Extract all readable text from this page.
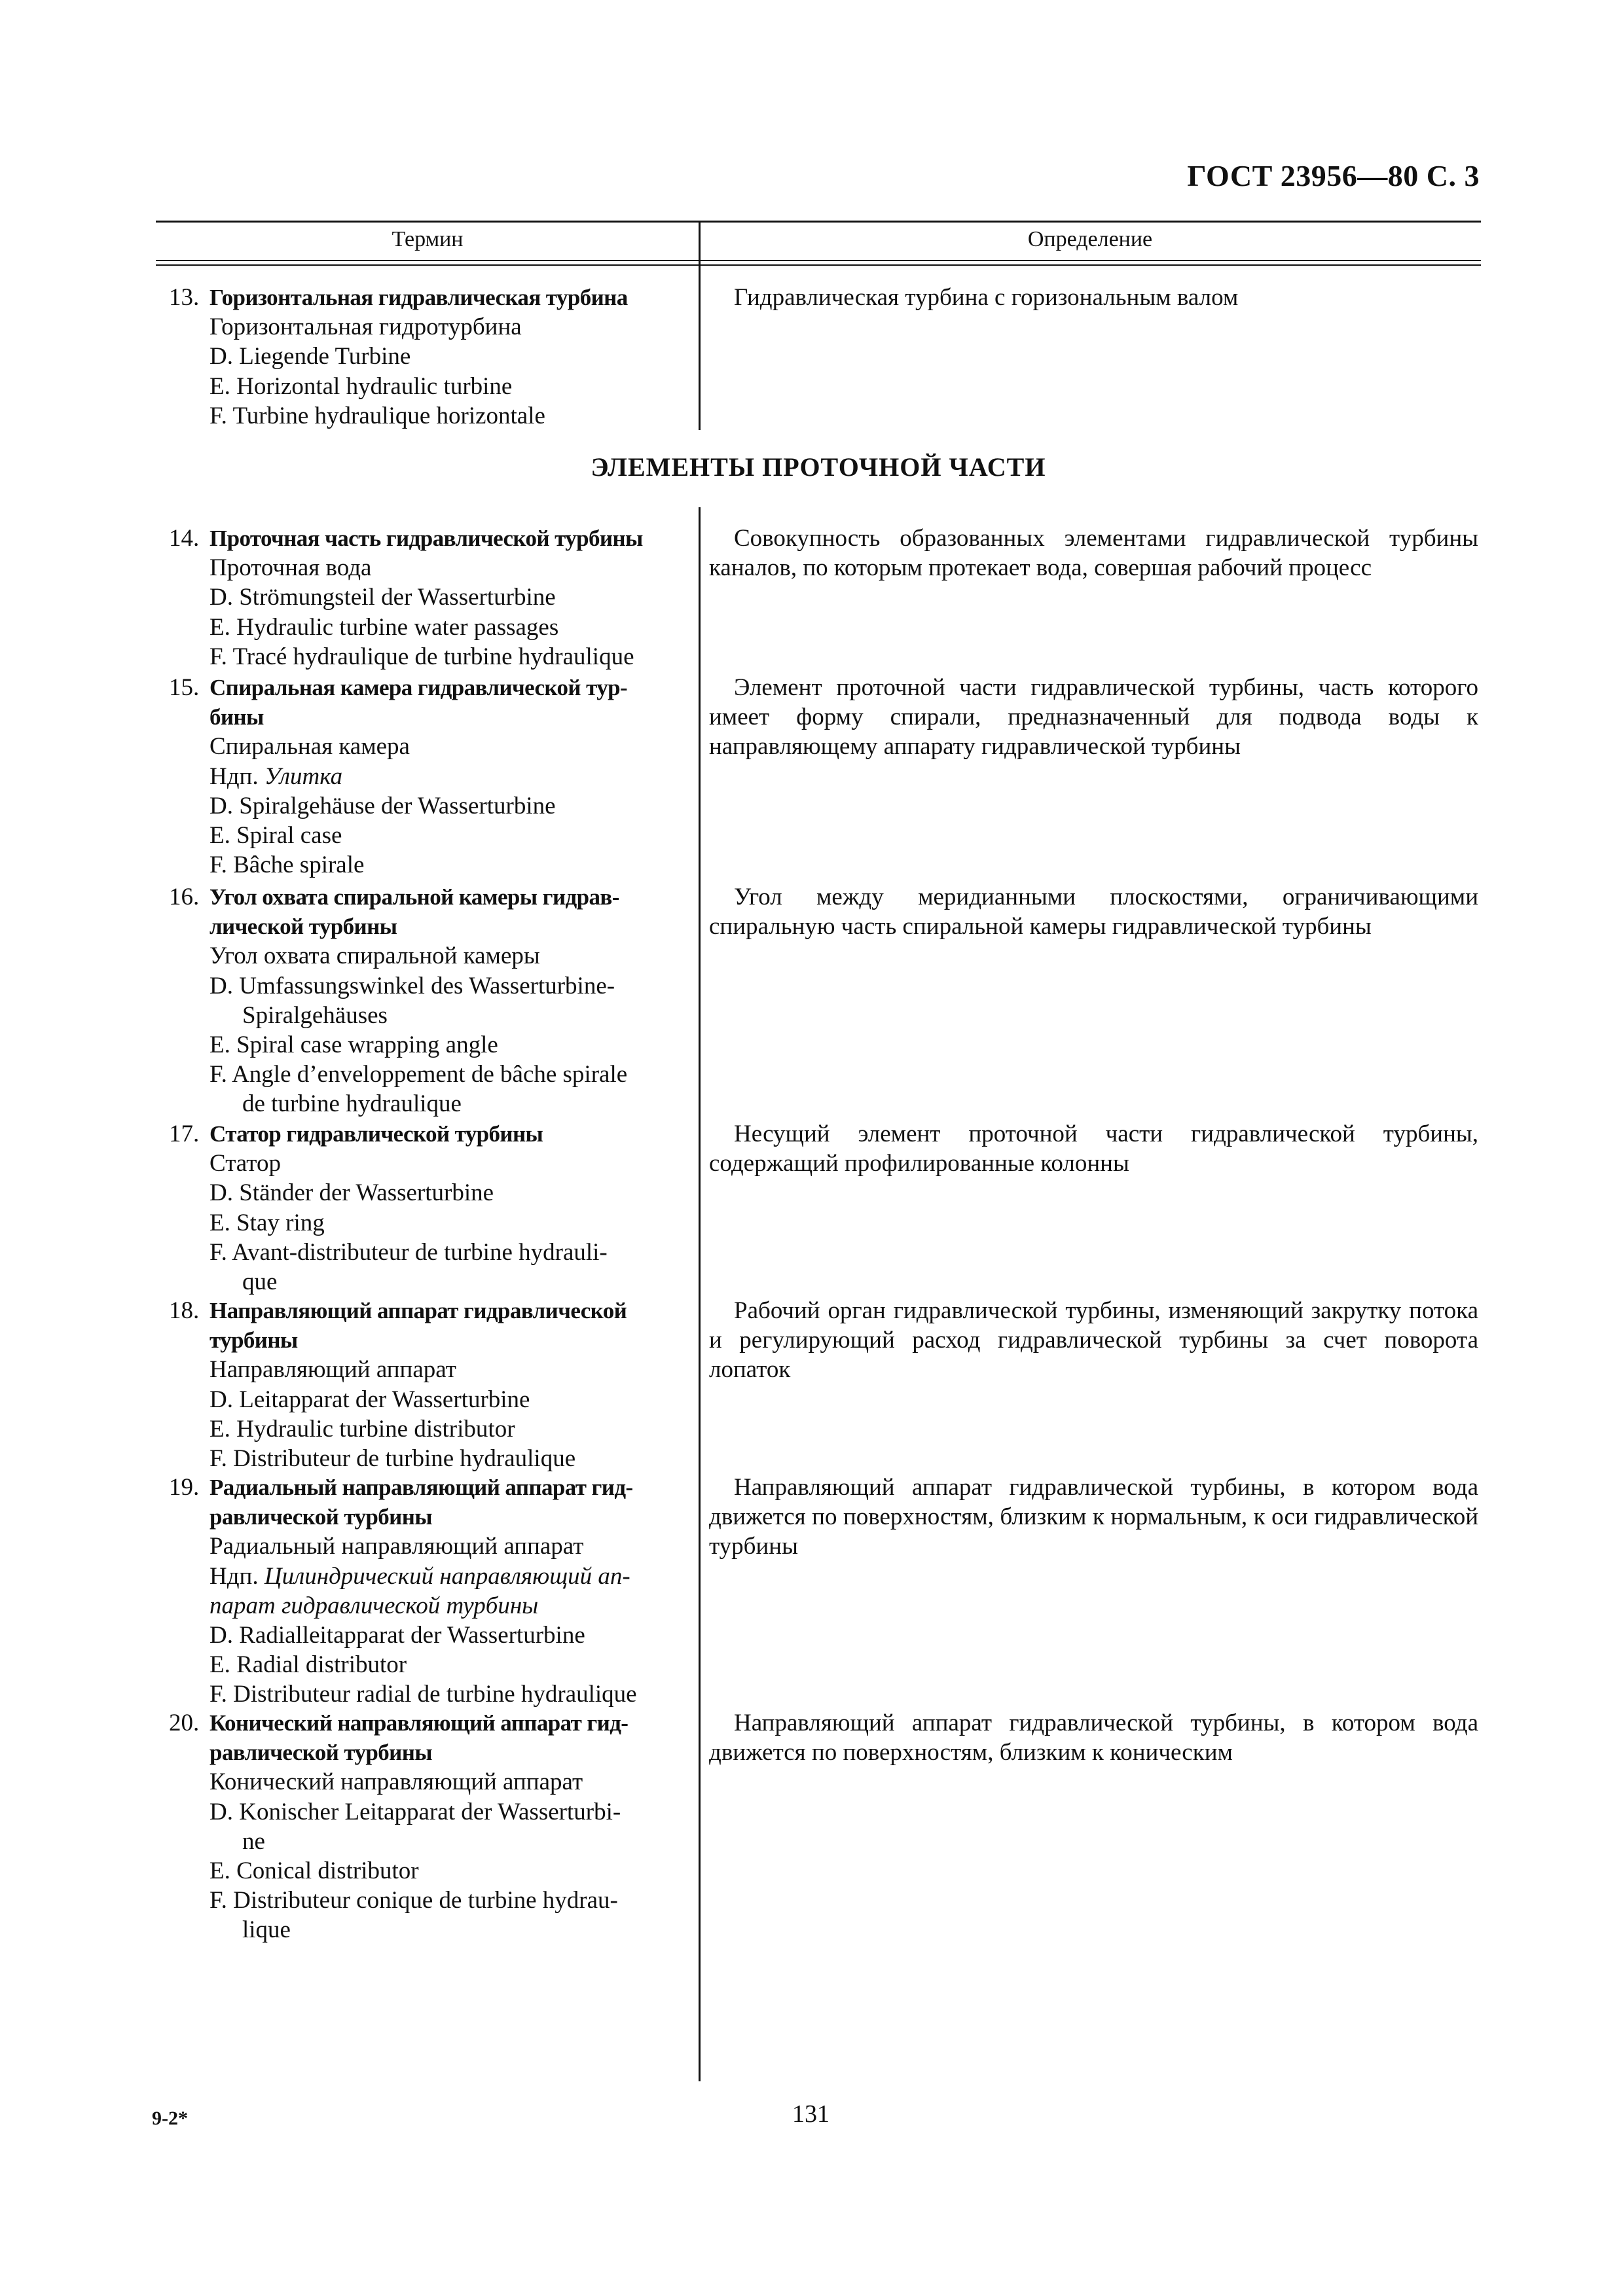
ГОСТ 23956—80 С. 3
Термин	Определение
ЭЛЕМЕНТЫ ПРОТОЧНОЙ ЧАСТИ
13. Горизонтальная гидравлическая турбина
Горизонтальная гидротурбина
D. Liegende Turbine
E. Horizontal hydraulic turbine
F. Turbine hydraulique horizontale
Гидравлическая турбина с горизональным валом
14. Проточная часть гидравлической турбины
Проточная вода
D. Strömungsteil der Wasserturbine
E. Hydraulic turbine water passages
F. Tracé hydraulique de turbine hydraulique
Совокупность образованных элементами гидравлической турбины каналов, по которым протекает вода, совершая рабочий процесс
15. Спиральная камера гидравлической тур-
бины
Спиральная камера
Ндп. Улитка
D. Spiralgehäuse der Wasserturbine
E. Spiral case
F. Bâche spirale
Элемент проточной части гидравлической турбины, часть которого имеет форму спирали, предназначенный для подвода воды к направляющему аппарату гидравлической турбины
16. Угол охвата спиральной камеры гидрав-
лической турбины
Угол охвата спиральной камеры
D. Umfassungswinkel des Wasserturbine-
Spiralgehäuses
E. Spiral case wrapping angle
F. Angle d’enveloppement de bâche spirale
de turbine hydraulique
Угол между меридианными плоскостями, ограничивающими спиральную часть спиральной камеры гидравлической турбины
17. Статор гидравлической турбины
Статор
D. Ständer der Wasserturbine
E. Stay ring
F. Avant-distributeur de turbine hydrauli-
que
Несущий элемент проточной части гидравлической турбины, содержащий профилированные колонны
18. Направляющий аппарат гидравлической
турбины
Направляющий аппарат
D. Leitapparat der Wasserturbine
E. Hydraulic turbine distributor
F. Distributeur de turbine hydraulique
Рабочий орган гидравлической турбины, изменяющий закрутку потока и регулирующий расход гидравлической турбины за счет поворота лопаток
19. Радиальный направляющий аппарат гид-
равлической турбины
Радиальный направляющий аппарат
Ндп. Цилиндрический направляющий ап-
парат гидравлической турбины
D. Radialleitapparat der Wasserturbine
E. Radial distributor
F. Distributeur radial de turbine hydraulique
Направляющий аппарат гидравлической турбины, в котором вода движется по поверхностям, близким к нормальным, к оси гидравлической турбины
20. Конический направляющий аппарат гид-
равлической турбины
Конический направляющий аппарат
D. Konischer Leitapparat der Wasserturbi-
ne
E. Conical distributor
F. Distributeur conique de turbine hydrau-
lique
Направляющий аппарат гидравлической турбины, в котором вода движется по поверхностям, близким к коническим
9-2*	131
